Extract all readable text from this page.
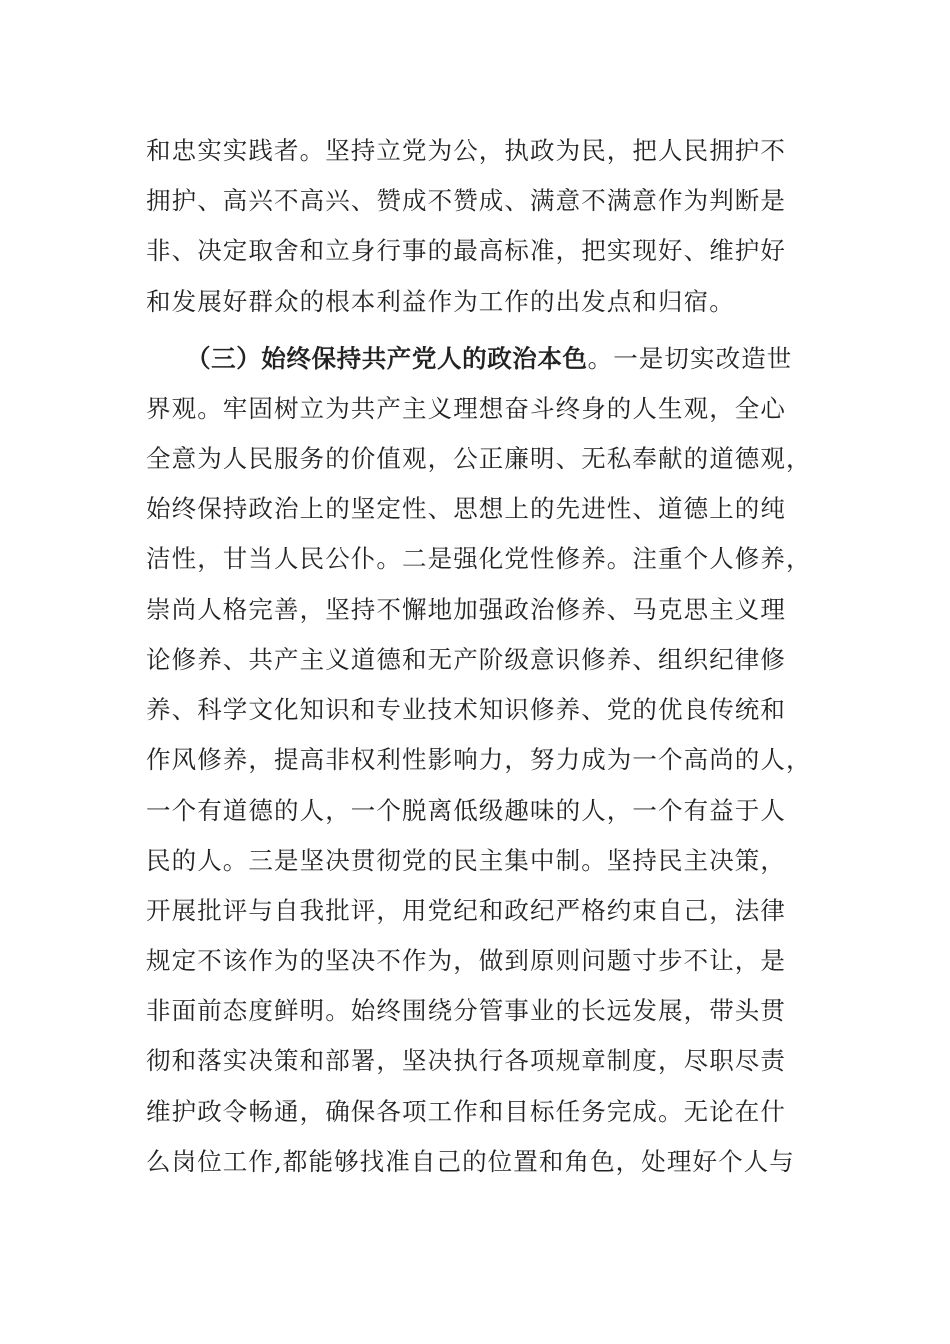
和忠实实践者。坚持立党为公，执政为民，把人民拥护不
拥护、高兴不高兴、赞成不赞成、满意不满意作为判断是
非、决定取舍和立身行事的最高标准，把实现好、维护好
和发展好群众的根本利益作为工作的出发点和归宿。
（三）始终保持共产党人的政治本色。一是切实改造世
界观。牢固树立为共产主义理想奋斗终身的人生观，全心
全意为人民服务的价值观，公正廉明、无私奉献的道德观，
始终保持政治上的坚定性、思想上的先进性、道德上的纯
洁性，甘当人民公仆。二是强化党性修养。注重个人修养，
崇尚人格完善，坚持不懈地加强政治修养、马克思主义理
论修养、共产主义道德和无产阶级意识修养、组织纪律修
养、科学文化知识和专业技术知识修养、党的优良传统和
作风修养，提高非权利性影响力，努力成为一个高尚的人，
一个有道德的人，一个脱离低级趣味的人，一个有益于人
民的人。三是坚决贯彻党的民主集中制。坚持民主决策，
开展批评与自我批评，用党纪和政纪严格约束自己，法律
规定不该作为的坚决不作为，做到原则问题寸步不让，是
非面前态度鲜明。始终围绕分管事业的长远发展，带头贯
彻和落实决策和部署，坚决执行各项规章制度，尽职尽责
维护政令畅通，确保各项工作和目标任务完成。无论在什
么岗位工作,都能够找准自己的位置和角色，处理好个人与
